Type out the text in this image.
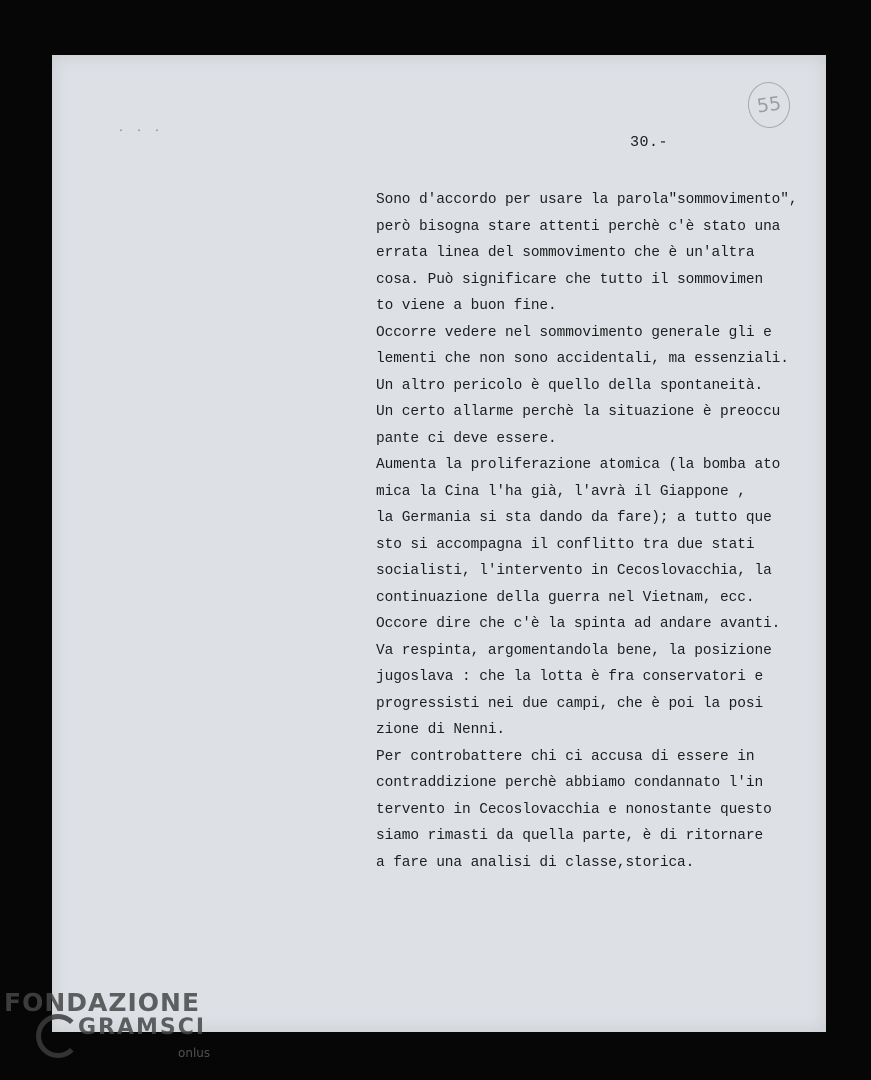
. . .
55
30.-
Sono d'accordo per usare la parola"sommovimento",
però bisogna stare attenti perchè c'è stato una
errata linea del sommovimento che è un'altra
cosa. Può significare che tutto il sommovimen
to viene a buon fine.
Occorre vedere nel sommovimento generale gli e
lementi che non sono accidentali, ma essenziali.
Un altro pericolo è quello della spontaneità.
Un certo allarme perchè la situazione è preoccu
pante ci deve essere.
Aumenta la proliferazione atomica (la bomba ato
mica la Cina l'ha già, l'avrà il Giappone ,
la Germania si sta dando da fare); a tutto que
sto si accompagna il conflitto tra due stati
socialisti, l'intervento in Cecoslovacchia, la
continuazione della guerra nel Vietnam, ecc.
Occore dire che c'è la spinta ad andare avanti.
Va respinta, argomentandola bene, la posizione
jugoslava : che la lotta è fra conservatori e
progressisti nei due campi, che è poi la posi
zione di Nenni.
Per controbattere chi ci accusa di essere in
contraddizione perchè abbiamo condannato l'in
tervento in Cecoslovacchia e nonostante questo
siamo rimasti da quella parte, è di ritornare
a fare una analisi di classe,storica.
FONDAZIONE
GRAMSCI
onlus
